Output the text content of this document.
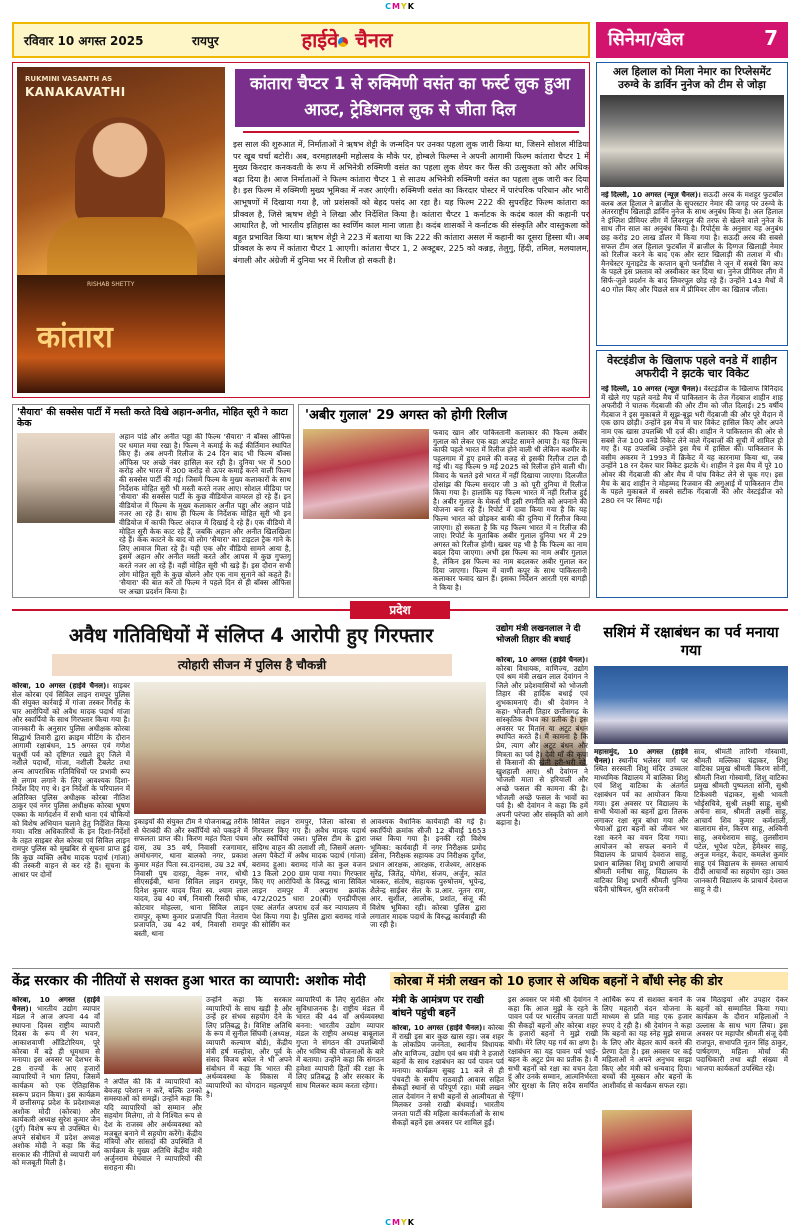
CMYK
रविवार 10 अगस्त 2025	रायपुर	हाईवे चैनल	सिनेमा/खेल	7
RUKMINI VASANTH AS
KANAKAVATHI	कांतारा चैप्टर 1 से रुक्मिणी वसंत का फर्स्ट लुक हुआ आउट, ट्रेडिशनल लुक से जीता दिल
इस साल की शुरुआत में, निर्माताओं ने ऋषभ शेट्टी के जन्मदिन पर उनका पहला लुक जारी किया था, जिसने सोशल मीडिया पर खूब चर्चा बटोरी। अब, वरमहालक्ष्मी महोत्सव के मौके पर, होम्बले फिल्म्स ने अपनी आगामी फिल्म कांतारा चैप्टर 1 में मुख्य किरदार कनकवती के रूप में अभिनेत्री रुक्मिणी वसंत का पहला लुक शेयर कर फैंस की उत्सुकता को और अधिक बढ़ा दिया है। आज निर्माताओं ने फिल्म कांतारा चैप्टर 1 से साउथ अभिनेत्री रुक्मिणी वसंत का पहला लुक जारी कर दिया है। इस फिल्म में रुक्मिणी मुख्य भूमिका में नजर आएंगी। रुक्मिणी वसंत का किरदार पोस्टर में पारंपरिक परिधान और भारी आभूषणों में दिखाया गया है, जो प्रशंसकों को बेहद पसंद आ रहा है। यह फिल्म 222 की सुपरहिट फिल्म कांतारा का प्रीक्वल है, जिसे ऋषभ शेट्टी ने लिखा और निर्देशित किया है। कांतारा चैप्टर 1 कर्नाटक के कदंब काल की कहानी पर आधारित है, जो भारतीय इतिहास का स्वर्णिम काल माना जाता है। कदंब शासकों ने कर्नाटक की संस्कृति और वास्तुकला को बहुत प्रभावित किया था। ऋषभ शेट्टी ने 223 में बताया था कि 222 की कांतारा असल में कहानी का दूसरा हिस्सा थी। अब प्रीक्वल के रूप में कांतारा चैप्टर 1 आएगी। कांतारा चैप्टर 1, 2 अक्टूबर, 225 को कन्नड़, तेलुगु, हिंदी, तमिल, मलयालम, बंगाली और अंग्रेजी में दुनिया भर में रिलीज हो सकती है।
RISHAB SHETTY
कांतारा
अल हिलाल को मिला नेमार का रिप्लेसमेंट उरुग्वे के डार्विन नुनेज को टीम से जोड़ा
नई दिल्ली, 10 अगस्त (न्यूज़ चैनल)। सऊदी अरब के मशहूर फुटबॉल क्लब अल हिलाल ने ब्राजील के सुपरस्टार नेमार की जगह पर उरुग्वे के अंतरराष्ट्रीय खिलाड़ी डार्विन नुनेज के साथ अनुबंध किया है। अल हिलाल ने इंग्लिश प्रीमियर लीग में लिवरपूल की तरफ से खेलने वाले नुनेज के साथ तीन साल का अनुबंध किया है। रिपोर्ट्स के अनुसार यह अनुबंध छह करोड़ 20 लाख डॉलर में किया गया है। सऊदी अरब की सबसे सफल टीम अल हिलाल फुटबॉल में ब्राजील के दिग्गज खिलाड़ी नेमार को रिलीज करने के बाद एक और स्टार खिलाड़ी की तलाश में थी। मैनचेस्टर यूनाइटेड के कप्तान ब्रूनो फर्नांडीस ने जून में सबसे बिग कप के पहले इस प्रस्ताव को अस्वीकार कर दिया था। नुनेज प्रीमियर लीग में सिर्फ-जुले प्रदर्शन के बाद लिवरपूल छोड़ रहे हैं। उन्होंने 143 मैचों में 40 गोल किए और पिछले सत्र में प्रीमियर लीग का खिताब जीता।
वेस्टइंडीज के खिलाफ पहले वनडे में शाहीन अफरीदी ने झटके चार विकेट
नई दिल्ली, 10 अगस्त (न्यूज़ चैनल)। वेस्टइंडीज के खिलाफ त्रिनिदाद में खेले गए पहले वनडे मैच में पाकिस्तान के तेज गेंदबाज शाहीन शाह अफरीदी ने घातक गेंदबाजी की और टीम को जीत दिलाई। 25 वर्षीय गेंदबाज ने इस मुकाबले में सूझ-बूझ भरी गेंदबाजी की और पूरे मैदान में एक छाप छोड़ी। उन्होंने इस मैच में चार विकेट हासिल किए और अपने नाम एक खास उपलब्धि भी दर्ज की। शाहीन ने पाकिस्तान की ओर से सबसे तेज 100 वनडे विकेट लेने वाले गेंदबाजों की सूची में शामिल हो गए हैं। यह उपलब्धि उन्होंने इस मैच में हासिल की। पाकिस्तान के वसीम अकरम ने 1993 में क्रिकेट में यह कारनामा किया था, जब उन्होंने 18 रन देकर चार विकेट झटके थे। शाहीन ने इस मैच में पूरे 10 ओवर की गेंदबाजी की और मैच में पांच विकेट लेने से चूक गए। इस मैच के बाद शाहीन ने मोहम्मद रिजवान की अगुआई में पाकिस्तान टीम के पहले मुकाबले में सबसे सटीक गेंदबाजी की और वेस्टइंडीज को 280 रन पर सिमट गई।
'सैयारा' की सक्सेस पार्टी में मस्ती करते दिखे अहान-अनीत, मोहित सूरी ने काटा केक
अहान पांडे और अनीत पड्डा की फिल्म 'सैयारा' ने बॉक्स ऑफिस पर धमाल मचा रखा है। फिल्म ने कमाई के कई कीर्तिमान स्थापित किए हैं। अब अपनी रिलीज के 24 दिन बाद भी फिल्म बॉक्स ऑफिस पर अच्छे नंबर हासिल कर रही है। दुनिया भर में 500 करोड़ और भारत में 300 करोड़ से ऊपर कमाई करने वाली फिल्म की सक्सेस पार्टी की गई। जिसमें फिल्म के मुख्य कलाकारों के साथ निर्देशक मोहित सूरी भी मस्ती करते नजर आए। सोशल मीडिया पर 'सैयारा' की सक्सेस पार्टी के कुछ वीडियोज वायरल हो रहे हैं। इन वीडियोज में फिल्म के मुख्य कलाकार अनीत पड्डा और अहान पांडे नजर आ रहे हैं। साथ ही फिल्म के निर्देशक मोहित सूरी भी इन वीडियोज में काफी फिल्ट अंदाज में दिखाई दे रहे हैं। एक वीडियो में मोहित सूरी केक काट रहे हैं, जबकि अहान और अनीत खिलखिला रहे हैं। केक काटने के बाद वो लोग 'सैयारा' का टाइटल ट्रैक गाने के लिए आवाज मिला रहे हैं। यही एक और वीडियो सामने आया है, इसमें अहान और अनीत मस्ती करते और आपस में कुछ गुफ्तगू करते नजर आ रहे हैं। वहीं मोहित सूरी भी खड़े हैं। इस दौरान सभी लोग मोहित सूरी के कुछ बोलने और एक नाम सुनाने को कहते हैं। 'सैयारा' की बात करें तो फिल्म ने पहले दिन से ही बॉक्स ऑफिस पर अच्छा प्रदर्शन किया है।
'अबीर गुलाल' 29 अगस्त को होगी रिलीज
फवाद खान और पाकिस्तानी कलाकार की फिल्म अबीर गुलाल को लेकर एक बड़ा अपडेट सामने आया है। यह फिल्म काफी पहले भारत में रिलीज होने वाली थी लेकिन कश्मीर के पहलगाम में हुए हमले की वजह से इसकी रिलीज टाल दी गई थी। यह फिल्म 9 मई 2025 को रिलीज होने वाली थी। विवाद के चलते इसे भारत में नहीं दिखाया जाएगा। दिलजीत दोसांझ की फिल्म सरदार जी 3 को पूरी दुनिया में रिलीज किया गया है। हालांकि यह फिल्म भारत में नहीं रिलीज हुई है। अबीर गुलाल के मेकर्स भी इसी रणनीति को अपनाने की योजना बना रहे हैं। रिपोर्ट में दावा किया गया है कि यह फिल्म भारत को छोड़कर बाकी की दुनिया में रिलीज किया जाएगा। हो सकता है कि यह फिल्म भारत में न रिलीज की जाए। रिपोर्ट के मुताबिक अबीर गुलाल दुनिया भर में 29 अगस्त को रिलीज होगी। खबर यह भी है कि फिल्म का नाम बदल दिया जाएगा। अभी इस फिल्म का नाम अबीर गुलाल है, लेकिन इस फिल्म का नाम बदलकर अबीर गुलाल कर दिया जाएगा। फिल्म में वाणी कपूर के साथ पाकिस्तानी कलाकार फवाद खान हैं। इसका निर्देशन आरती एस बागड़ी ने किया है।
प्रदेश
अवैध गतिविधियों में संलिप्त 4 आरोपी हुए गिरफ्तार
त्योहारी सीजन में पुलिस है चौकन्नी
कोरबा, 10 अगस्त (हाईवे चैनल)। साइबर सेल कोरबा एवं सिविल लाइन रामपुर पुलिस की संयुक्त कार्रवाई में गांजा तस्कर गिरोह के चार आरोपियों को अवैध मादक पदार्थ गांजा और स्कार्पियो के साथ गिरफ्तार किया गया है। जानकारी के अनुसार पुलिस अधीक्षक कोरबा सिद्धार्थ तिवारी द्वारा क्राइम मीटिंग के दौरान आगामी रक्षाबंधन, 15 अगस्त एवं गणेश चतुर्थी पर्व को दृष्टिगत रखते हुए जिले में नशीले पदार्थों, गांजा, नशीली टैबलेट तथा अन्य आपराधिक गतिविधियों पर प्रभावी रूप से लगाम लगाने के लिए आवश्यक दिशा-निर्देश दिए गए थे। इन निर्देशों के परिपालन में अतिरिक्त पुलिस अधीक्षक कोरबा नीतिश ठाकुर एवं नगर पुलिस अधीक्षक कोरबा भूषण एक्का के मार्गदर्शन में सभी थाना एवं चौकियों को विशेष अभियान चलाने हेतु निर्देशित किया गया। वरिष्ठ अधिकारियों के इन दिशा-निर्देशों के तहत साइबर सेल कोरबा एवं सिविल लाइन रामपुर पुलिस को मुखबिर से सूचना प्राप्त हुई कि कुछ व्यक्ति अवैध मादक पदार्थ (गांजा) की तस्करी वाहन से कर रहे हैं। सूचना के आधार पर दोनों
इकाइयों की संयुक्त टीम ने योजनाबद्ध तरीके से घेराबंदी की और स्कॉर्पियो को पकड़ने में सफलता प्राप्त की। किरण महंत पिता पंचम दास, उम्र 35 वर्ष, निवासी रजगामार, अमोधनगर, थाना बालको नगर, प्रकाश कुमार महंत पिता स्व.दानदास, उम्र 32 वर्ष, निवासी पुष दारहा, नेहरू नगर, थोथी सीएसईबी, थाना सिविल लाइन रामपुर, दिनेश कुमार यादव पिता स्व. श्याम लाल यादव, उम्र 40 वर्ष, निवासी रिसदी चौक, कोटवार मोहल्ला, थाना सिविल लाइन रामपुर, कृष्ण कुमार प्रजापति पिता नेतराम प्रजापति, उम्र 42 वर्ष, निवासी रामपुर बस्ती, थाना
सिविल लाइन रामपुर, जिला कोरबा से गिरफ्तार किए गए हैं। अवैध मादक पदार्थ और स्कॉर्पियो जब्त। पुलिस टीम के द्वारा संदिग्ध वाहन की तलाशी ली, जिसमें अलग-अलग पैकेटों में अवैध मादक पदार्थ (गांजा) बरामद हुआ। बरामद गांजे का कुल वजन 13 किलो 200 ग्राम पाया गया। गिरफ्तार किए गए आरोपियों के विरुद्ध थाना सिविल लाइन रामपुर में अपराध क्रमांक 472/2025 धारा 20(बी) एनडीपीएस एक्ट अंतर्गत अपराध दर्ज कर न्यायालय में पेश किया गया है। पुलिस द्वारा बरामद गांजे की सोर्सिंग कर
आवश्यक वैधानिक कार्यवाही की गई है। स्कार्पियो क्रमांक सीजी 12 बीवाई 1653 जब्त किया गया है। इनकी रही विशेष भूमिका: कार्यवाही में नगर निरीक्षक प्रमोद डंसेना, निरीक्षक सहायक उप निरीक्षक दुर्गेश, प्रधान आरक्षक, आरक्षक, राजेश्वर, आरक्षक सुरेंद्र, जितेंद्र, योगेश, संजय, अर्जुन, कांत भास्कर, संतोष, सहायक पुरुषोत्तम, भूपेन्द्र, शैलेन्द्र साईबर सेल के प्र.आर. नूतन राम, आर. सुशील, आलोक, प्रशांत, संजू की विशेष भूमिका रही। कोरबा पुलिस द्वारा लगातार मादक पदार्थ के विरुद्ध कार्यवाही की जा रही है।
उद्योग मंत्री लखनलाल ने दी भोजली तिहार की बधाई
कोरबा, 10 अगस्त (हाईवे चैनल)। कोरबा विधायक, वाणिज्य, उद्योग एवं श्रम मंत्री लखन लाल देवांगन ने जिले और प्रदेशवासियों को भोजली तिहार की हार्दिक बधाई एवं शुभकामनाएं दी। श्री देवांगन ने कहा- भोजली तिहार छत्तीसगढ़ के सांस्कृतिक वैभव का प्रतीक है। इस अवसर पर मितान या अटूट बंधन स्थापित करते हैं। मैं कामना है कि प्रेम, त्याग और अटूट बंधन और मित्रता का पर्व है। देवी माँ की कृपा से किसानों की खेती हरी-भरी रहे, खुशहाली आए। श्री देवांगन ने भोजली माता से हरियाली और अच्छे फसल की कामना की है। भोजली अच्छे फसल के भावों का पर्व है। श्री देवांगन ने कहा कि हमें अपनी परंपरा और संस्कृति को आगे बढ़ाना है।
सशिमं में रक्षाबंधन का पर्व मनाया गया
महासमुंद, 10 अगस्त (हाईवे चैनल)। स्थानीय भलेसर मार्ग पर स्थित सरस्वती शिशु मंदिर उच्चतर माध्यमिक विद्यालय में बालिका शिशु एवं शिशु वाटिका के अंतर्गत रक्षाबंधन पर्व का आयोजन किया गया। इस अवसर पर विद्यालय के सभी भैयाओं का बहनों द्वारा तिलक लगाकर रक्षा सूत्र बांधा गया और भैयाओं द्वारा बहनों को जीवन भर रक्षा करने का वचन दिया गया। आयोजन को सफल बनाने में विद्यालय के प्राचार्य देवराज साहू, प्रधान बालिका शिशु प्रभारी आचार्या श्रीमती मनीषा साहू, विद्यालय के वाटिका शिशु प्रभारी श्रीमती पुनिया चंदैनी घोषियन, श्रुति सरोजनी
साव, श्रीमती तारिणी गोस्वामी, श्रीमती मल्लिका चंद्राकर, शिशु वाटिका प्रमुख श्रीमती किरण सोनी, श्रीमती निशा गोस्वामी, शिशु वाटिका प्रमुख श्रीमती पुष्पलता सोनी, सुश्री टिकेश्वरी चंद्राकर, सुश्री भावती भोईसचिवे, सुश्री लक्ष्मी साहू, सुश्री अर्चना साव, श्रीमती लक्ष्मी साहू, आचार्य शिव कुमार कर्मशाली, बालाराम सेन, किरण साहू, अश्विनी साहू, अवधेशराम साहू, तुलसीराम पटेल, भूपेश पटेल, हेमेश्वर साहू, अनुज मनहर, केदार, कमलेश कुमार साहू एवं विद्यालय के समस्त आचार्य दीदी आचार्यों का सहयोग रहा। उक्त जानकारी विद्यालय के प्राचार्य देवराज साहू ने दी।
केंद्र सरकार की नीतियों से सशक्त हुआ भारत का व्यापारी: अशोक मोदी
कोरबा, 10 अगस्त (हाईवे चैनल)। भारतीय उद्योग व्यापार मंडल ने आज अपना 44 वाँ स्थापना दिवस राष्ट्रीय व्यापारी दिवस के रूप में रंग भवन, आकाशवाणी ऑडिटोरियम, पूरे कोरबा में बड़े ही धूमधाम से मनाया। इस अवसर पर देशभर के 28 राज्यों के आए हजारों व्यापारियों ने भाग लिया, जिसमें कार्यक्रम को एक ऐतिहासिक स्वरूप प्रदान किया। इस कार्यक्रम में छत्तीसगढ़ प्रदेश के प्रदेशाध्यक्ष अशोक मोदी (कोरबा) और कार्यकारी अध्यक्ष सुरेश कुमार जैन (दुर्ग) विशेष रूप से उपस्थित थे। अपने संबोधन में प्रदेश अध्यक्ष अशोक मोदी ने कहा कि केंद्र सरकार की नीतियों से व्यापारी वर्ग को मजबूती मिली है।
ने अपील की कि वे व्यापारियों को बेवजह परेशान न करें, बल्कि उनको समस्याओं को समझें। उन्होंने कहा कि यदि व्यापारियों को सम्मान और सहयोग मिलेगा, तो वे निश्चित रूप से देश के राजस्व और अर्थव्यवस्था को मजबूत बनाने में सहयोग करेंगे। केंद्रीय मंत्रियों और सांसदों की उपस्थिति में कार्यक्रम के मुख्य अतिथि केंद्रीय मंत्री अर्जुनराम मेघवाल ने व्यापारियों की सराहना की।
उन्होंने कहा कि सरकार व्यापारियों के साथ खड़ी है और उन्हें हर संभव सहयोग देने के लिए प्रतिबद्ध है। विशिष्ट अतिथि के रूप में सुनील सिंघवी (अध्यक्ष, व्यापारी कल्याण बोर्ड), केंद्रीय मंत्री हर्ष मल्होत्रा, और पूर्व के संसद विजय बघेल ने भी अपने संबोधन में कहा कि भारत की अर्थव्यवस्था के विकास में व्यापारियों का योगदान महत्वपूर्ण है।
व्यापारियों के लिए सुरक्षित और सुविधाजनक है। राष्ट्रीय मंडल में भारत की 44 वाँ अर्थव्यवस्था बनना: भारतीय उद्योग व्यापार मंडल के राष्ट्रीय अध्यक्ष बाबूलाल गुप्ता ने संगठन की उपलब्धियों और भविष्य की योजनाओं के बारे में बताया। उन्होंने कहा कि संगठन हमेशा व्यापारी हितों की रक्षा के लिए प्रतिबद्ध है और सरकार के साथ मिलकर काम करता रहेगा।
कोरबा में मंत्री लखन को 10 हजार से अधिक बहनों ने बाँधी स्नेह की डोर
मंत्री के आमंत्रण पर राखी बांधने पहुंची बहनें
कोरबा, 10 अगस्त (हाईवे चैनल)। कोरबा में राखी इस बार कुछ खास रहा। जब शहर के लोकप्रिय जननेता, स्थानीय विधायक और वाणिज्य, उद्योग एवं श्रम मंत्री ने हजारों बहनों के साथ रक्षाबंधन का पर्व पावन पर्व मनाया। कार्यक्रम सुबह 11 बजे से ही पंचवटी के समीप राठवाड़ी आवास सहित सैकड़ों स्थानों से परिपूर्ण रहा। मंत्री लखन लाल देवांगन ने सभी बहनों से आत्मीयता से मिलकर उनसे राखी बंधवाई। भारतीय जनता पार्टी की महिला कार्यकर्ताओं के साथ सैकड़ों बहनें इस अवसर पर शामिल हुईं।
इस अवसर पर मंत्री श्री देवांगन ने कहा कि आज मुझे के रहने के पावन पर्व पर भारतीय जनता पार्टी की सैकड़ों बहनों और कोरबा शहर के हजारों बहनों ने मुझे राखी बांधी। मेरे लिए यह गर्व का क्षण है। रक्षाबंधन का यह पावन पर्व भाई-बहन के अटूट प्रेम का प्रतीक है। मैं सभी बहनों को रक्षा का वचन देता हूं और उनके सम्मान, आत्मनिर्भरता और सुरक्षा के लिए सदैव समर्पित रहूंगा।
आर्थिक रूप से सशक्त बनाने के लिए महतारी वंदन योजना के माध्यम से प्रति माह एक हजार रुपए दे रही है। श्री देवांगन ने कहा कि बहनों का यह स्नेह मुझे समाज के लिए और बेहतर कार्य करने की प्रेरणा देता है। इस अवसर पर कई महिलाओं ने अपने अनुभव साझा किए और मंत्री को धन्यवाद दिया। बच्चों की मुस्कान और बहनों के आशीर्वाद से कार्यक्रम सफल रहा।
जब मिठाइयां और उपहार देकर बहनों को सम्मानित किया गया। कार्यक्रम के दौरान महिलाओं ने उल्लास के साथ भाग लिया। इस अवसर पर महापौर श्रीमती संजू देवी राजपूत, सभापति नूतन सिंह ठाकुर, पार्षदगण, महिला मोर्चा की पदाधिकारी तथा बड़ी संख्या में भाजपा कार्यकर्ता उपस्थित रहे।
CMYK
